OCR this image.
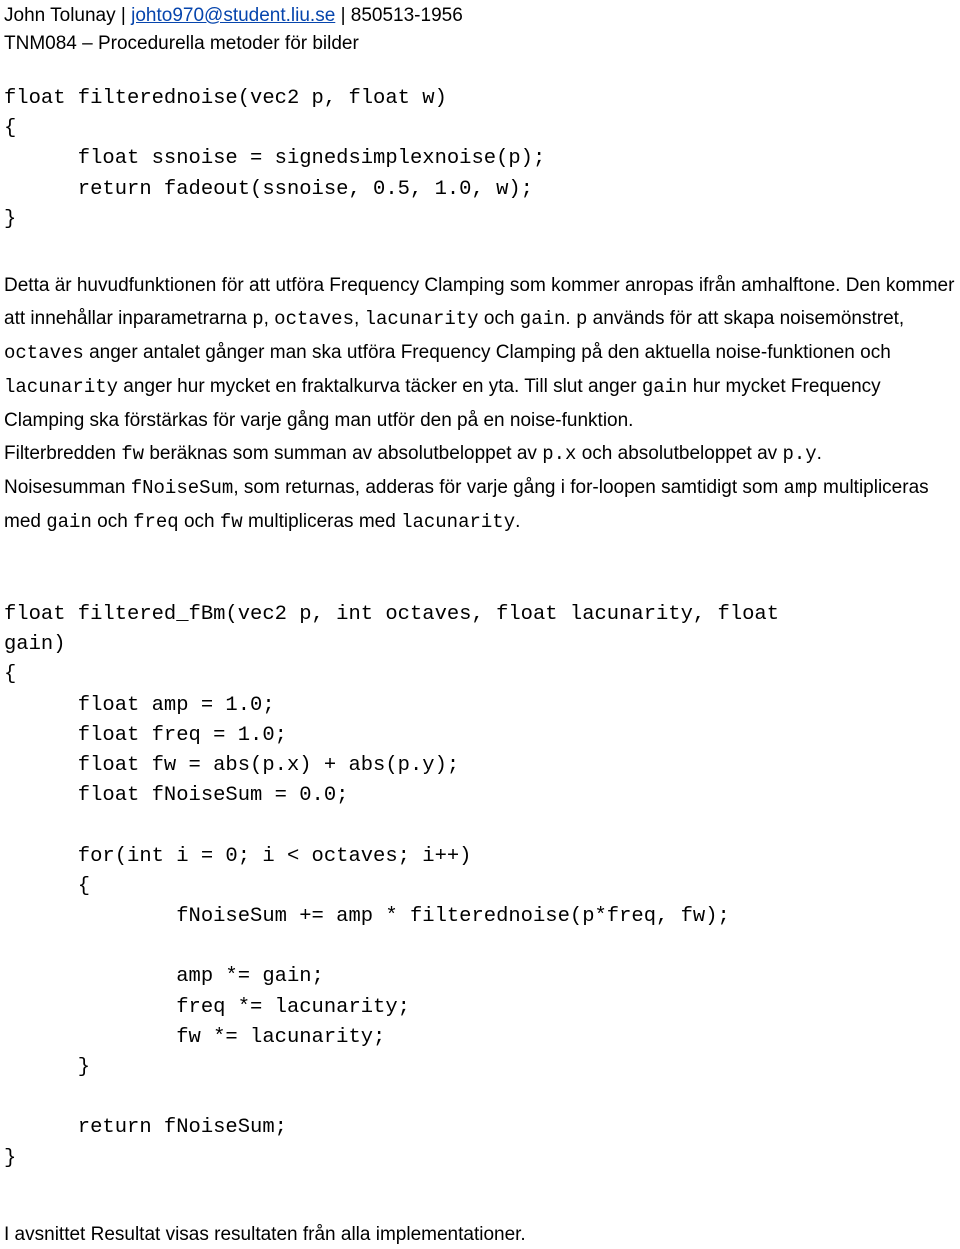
John Tolunay | johto970@student.liu.se | 850513-1956
TNM084 – Procedurella metoder för bilder
float filterednoise(vec2 p, float w)
{
float ssnoise = signedsimplexnoise(p);
return fadeout(ssnoise, 0.5, 1.0, w);
}

Detta är huvudfunktionen för att utföra Frequency Clamping som kommer anropas ifrån amhalftone. Den kommer att innehållar inparametrarna p, octaves, lacunarity och gain. p används för att skapa noisemönstret, octaves anger antalet gånger man ska utföra Frequency Clamping på den aktuella noise-funktionen och lacunarity anger hur mycket en fraktalkurva täcker en yta. Till slut anger gain hur mycket Frequency Clamping ska förstärkas för varje gång man utför den på en noise-funktion.

Filterbredden fw beräknas som summan av absolutbeloppet av p.x och absolutbeloppet av p.y.

Noisesumman fNoiseSum, som returnas, adderas för varje gång i for-loopen samtidigt som amp multipliceras med gain och freq och fw multipliceras med lacunarity.

float filtered_fBm(vec2 p, int octaves, float lacunarity, float
gain)
{
float amp = 1.0;
float freq = 1.0;
float fw = abs(p.x) + abs(p.y);
float fNoiseSum = 0.0;

for(int i = 0; i < octaves; i++)
{
fNoiseSum += amp * filterednoise(p*freq, fw);

amp *= gain;
freq *= lacunarity;
fw *= lacunarity;
}

return fNoiseSum;
}
I avsnittet Resultat visas resultaten från alla implementationer.
